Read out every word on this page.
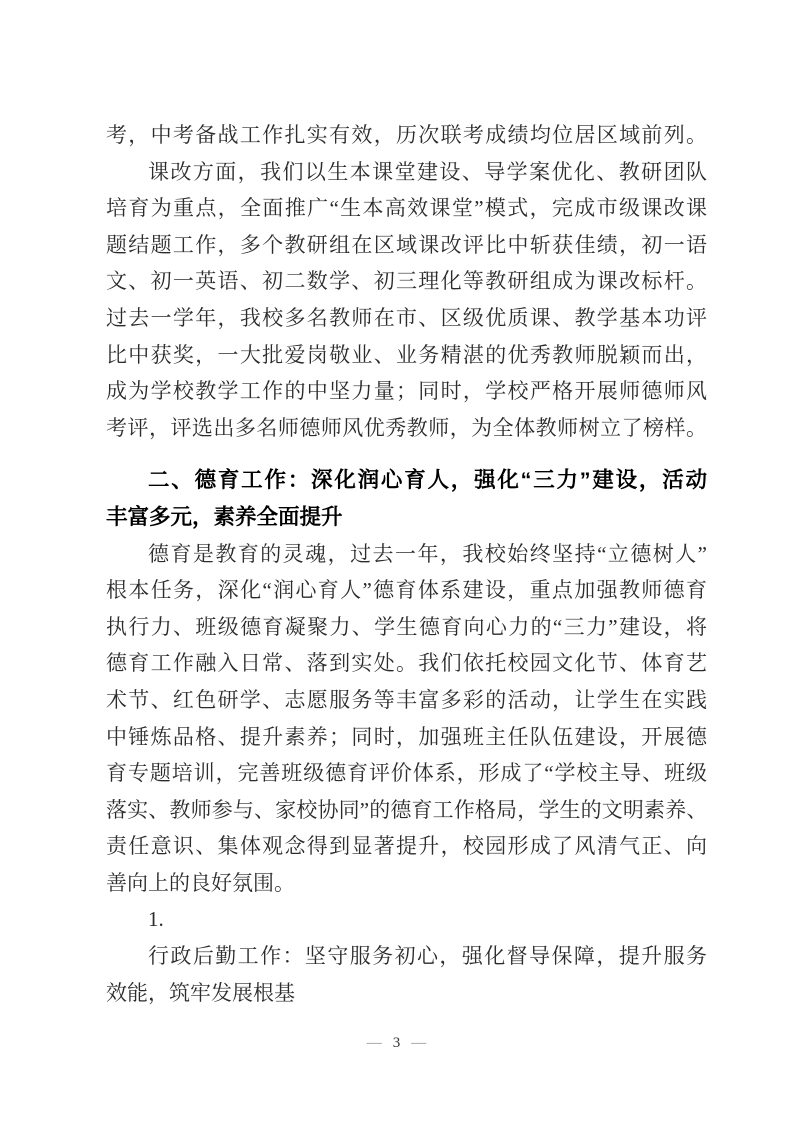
考，中考备战工作扎实有效，历次联考成绩均位居区域前列。
课改方面，我们以生本课堂建设、导学案优化、教研团队
培育为重点，全面推广“生本高效课堂”模式，完成市级课改课
题结题工作，多个教研组在区域课改评比中斩获佳绩，初一语
文、初一英语、初二数学、初三理化等教研组成为课改标杆。
过去一学年，我校多名教师在市、区级优质课、教学基本功评
比中获奖，一大批爱岗敬业、业务精湛的优秀教师脱颖而出，
成为学校教学工作的中坚力量；同时，学校严格开展师德师风
考评，评选出多名师德师风优秀教师，为全体教师树立了榜样。
二、德育工作：深化润心育人，强化“三力”建设，活动
丰富多元，素养全面提升
德育是教育的灵魂，过去一年，我校始终坚持“立德树人”
根本任务，深化“润心育人”德育体系建设，重点加强教师德育
执行力、班级德育凝聚力、学生德育向心力的“三力”建设，将
德育工作融入日常、落到实处。我们依托校园文化节、体育艺
术节、红色研学、志愿服务等丰富多彩的活动，让学生在实践
中锤炼品格、提升素养；同时，加强班主任队伍建设，开展德
育专题培训，完善班级德育评价体系，形成了“学校主导、班级
落实、教师参与、家校协同”的德育工作格局，学生的文明素养、
责任意识、集体观念得到显著提升，校园形成了风清气正、向
善向上的良好氛围。
1.
行政后勤工作：坚守服务初心，强化督导保障，提升服务
效能，筑牢发展根基
— 3 —
